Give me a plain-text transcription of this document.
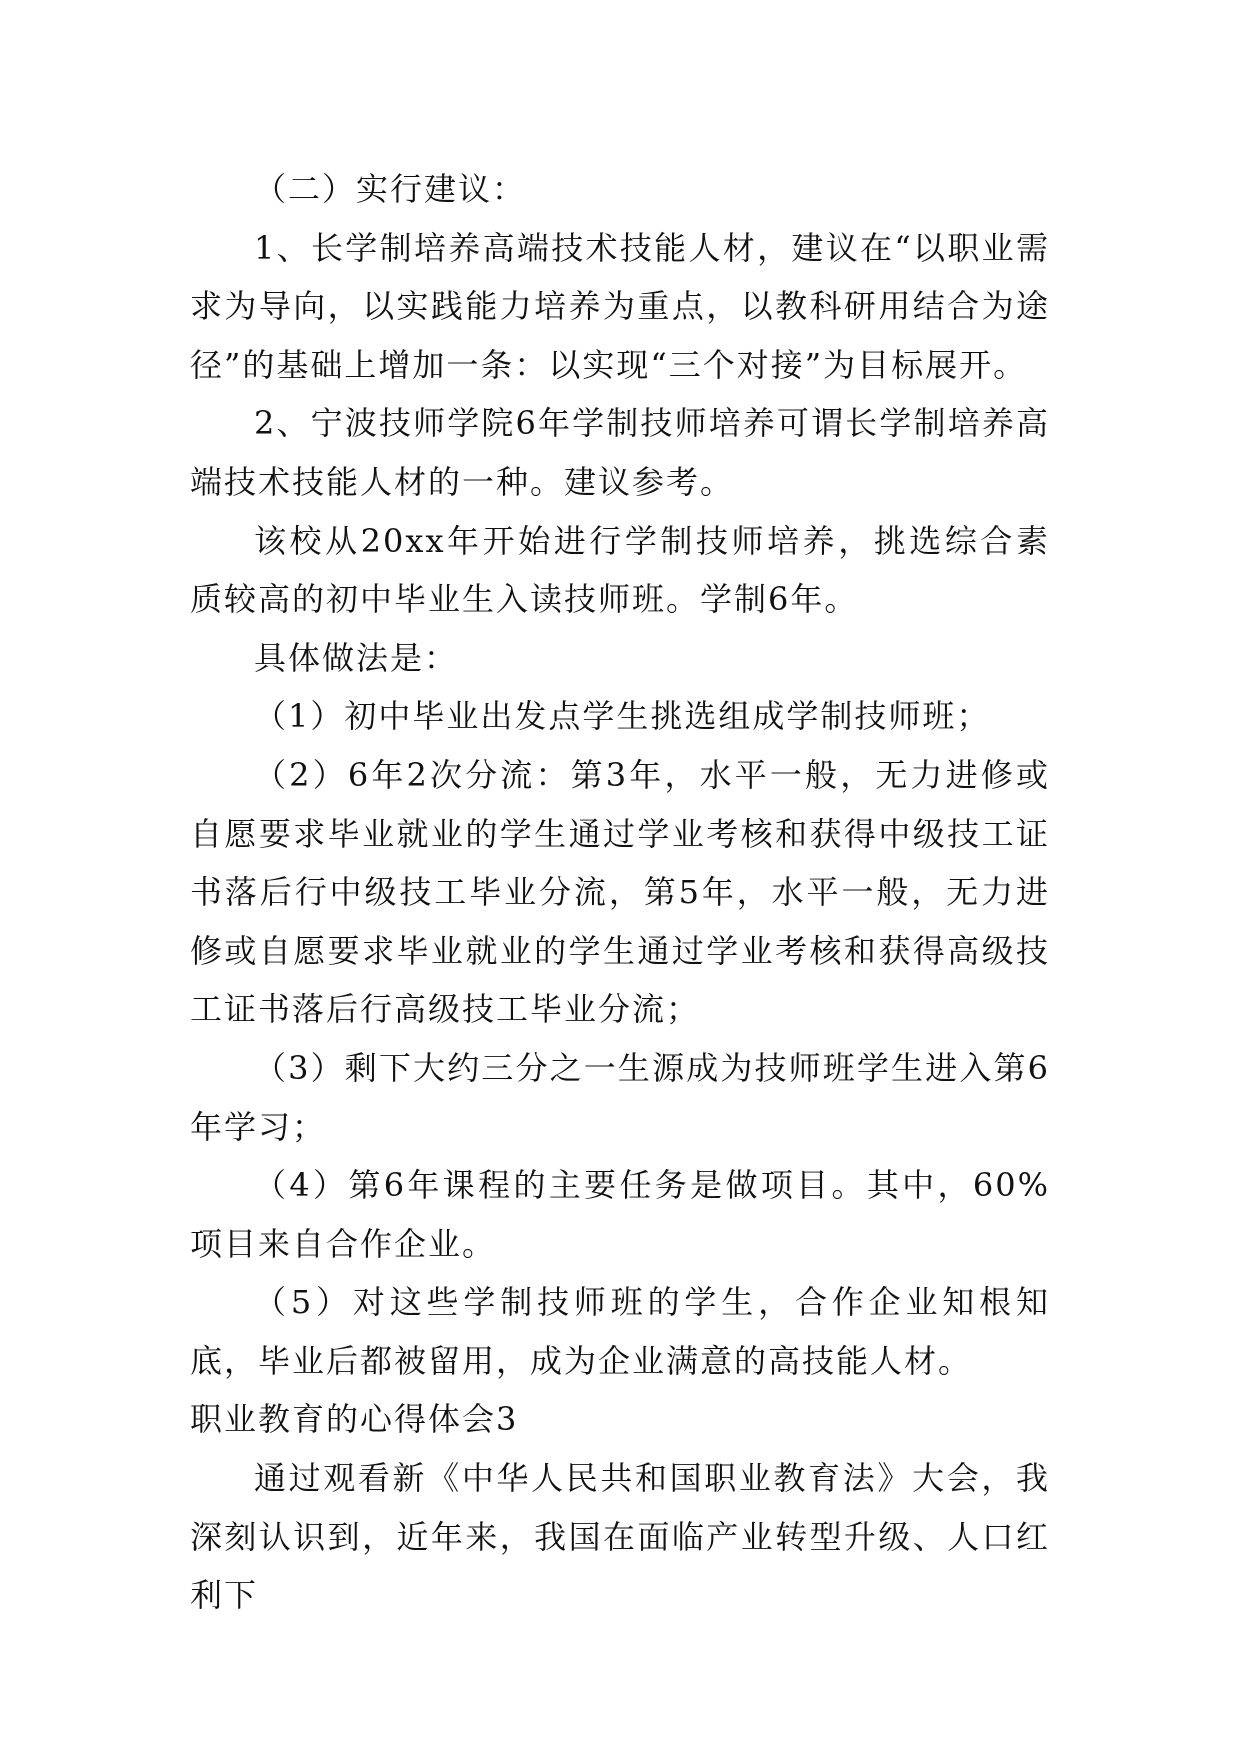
（二）实行建议：

1、长学制培养高端技术技能人材，建议在“以职业需求为导向，以实践能力培养为重点，以教科研用结合为途径”的基础上增加一条：以实现“三个对接”为目标展开。

2、宁波技师学院6年学制技师培养可谓长学制培养高端技术技能人材的一种。建议参考。

该校从20xx年开始进行学制技师培养，挑选综合素质较高的初中毕业生入读技师班。学制6年。

具体做法是：

（1）初中毕业出发点学生挑选组成学制技师班；

（2）6年2次分流：第3年，水平一般，无力进修或自愿要求毕业就业的学生通过学业考核和获得中级技工证书落后行中级技工毕业分流，第5年，水平一般，无力进修或自愿要求毕业就业的学生通过学业考核和获得高级技工证书落后行高级技工毕业分流；

（3）剩下大约三分之一生源成为技师班学生进入第6年学习；

（4）第6年课程的主要任务是做项目。其中，60%项目来自合作企业。

（5）对这些学制技师班的学生，合作企业知根知底，毕业后都被留用，成为企业满意的高技能人材。

职业教育的心得体会3

通过观看新《中华人民共和国职业教育法》大会，我深刻认识到，近年来，我国在面临产业转型升级、人口红利下
